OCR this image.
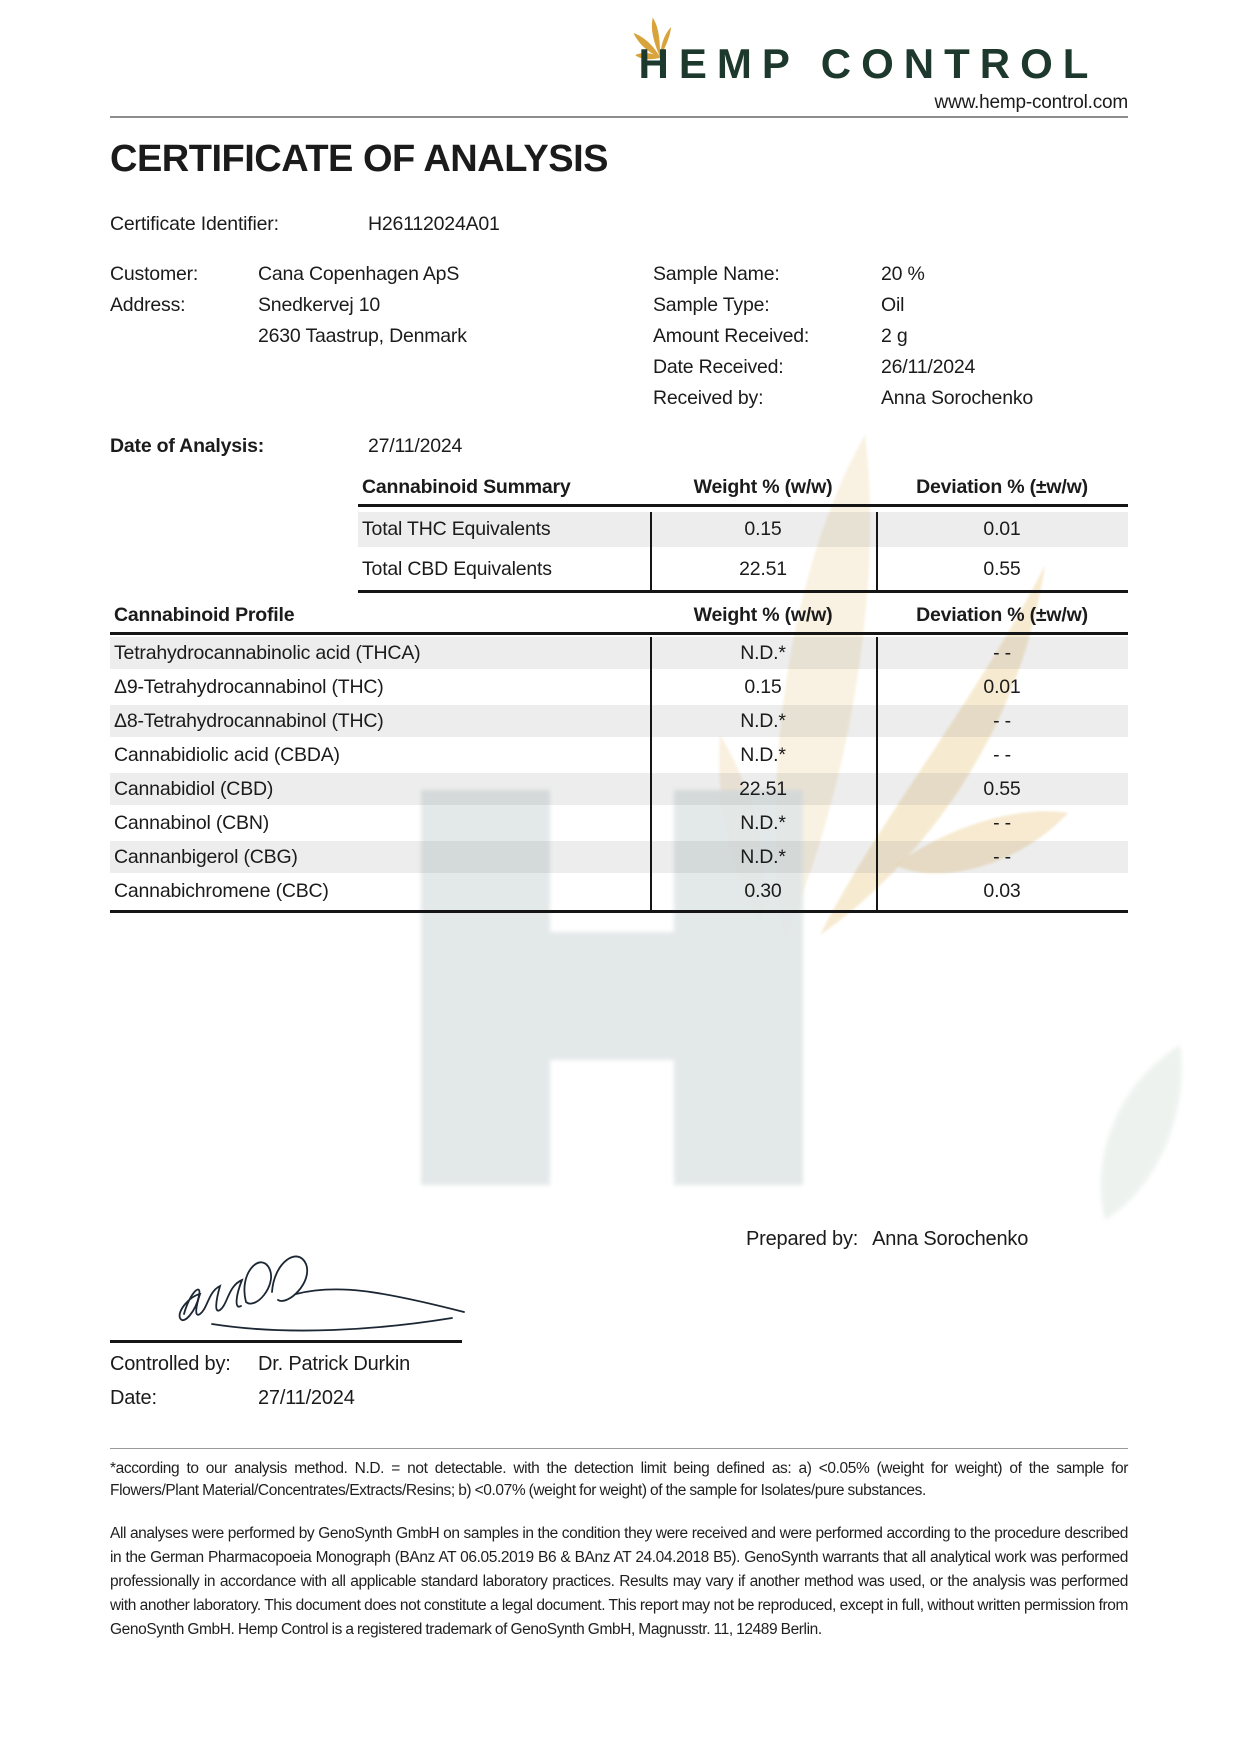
HEMP CONTROL
www.hemp-control.com
CERTIFICATE OF ANALYSIS
Certificate Identifier:	H26112024A01
Customer:	Cana Copenhagen ApS
Address:	Snedkervej 10
2630 Taastrup, Denmark
Sample Name:	20 %
Sample Type:	Oil
Amount Received:	2 g
Date Received:	26/11/2024
Received by:	Anna Sorochenko
Date of Analysis:	27/11/2024
Cannabinoid Summary	Weight % (w/w)	Deviation % (±w/w)
Total THC Equivalents	0.15	0.01
Total CBD Equivalents	22.51	0.55
Cannabinoid Profile	Weight % (w/w)	Deviation % (±w/w)
Tetrahydrocannabinolic acid (THCA)	N.D.*	- -
Δ9-Tetrahydrocannabinol (THC)	0.15	0.01
Δ8-Tetrahydrocannabinol (THC)	N.D.*	- -
Cannabidiolic acid (CBDA)	N.D.*	- -
Cannabidiol (CBD)	22.51	0.55
Cannabinol (CBN)	N.D.*	- -
Cannanbigerol (CBG)	N.D.*	- -
Cannabichromene (CBC)	0.30	0.03
Prepared by: Anna Sorochenko
Controlled by: Dr. Patrick Durkin
Date:	27/11/2024
*according to our analysis method. N.D. = not detectable. with the detection limit being defined as: a) <0.05% (weight for weight) of the sample for Flowers/Plant Material/Concentrates/Extracts/Resins; b) <0.07% (weight for weight) of the sample for Isolates/pure substances.
All analyses were performed by GenoSynth GmbH on samples in the condition they were received and were performed according to the procedure described in the German Pharmacopoeia Monograph (BAnz AT 06.05.2019 B6 & BAnz AT 24.04.2018 B5). GenoSynth warrants that all analytical work was performed professionally in accordance with all applicable standard laboratory practices. Results may vary if another method was used, or the analysis was performed with another laboratory. This document does not constitute a legal document. This report may not be reproduced, except in full, without written permission from GenoSynth GmbH. Hemp Control is a registered trademark of GenoSynth GmbH, Magnusstr. 11, 12489 Berlin.
